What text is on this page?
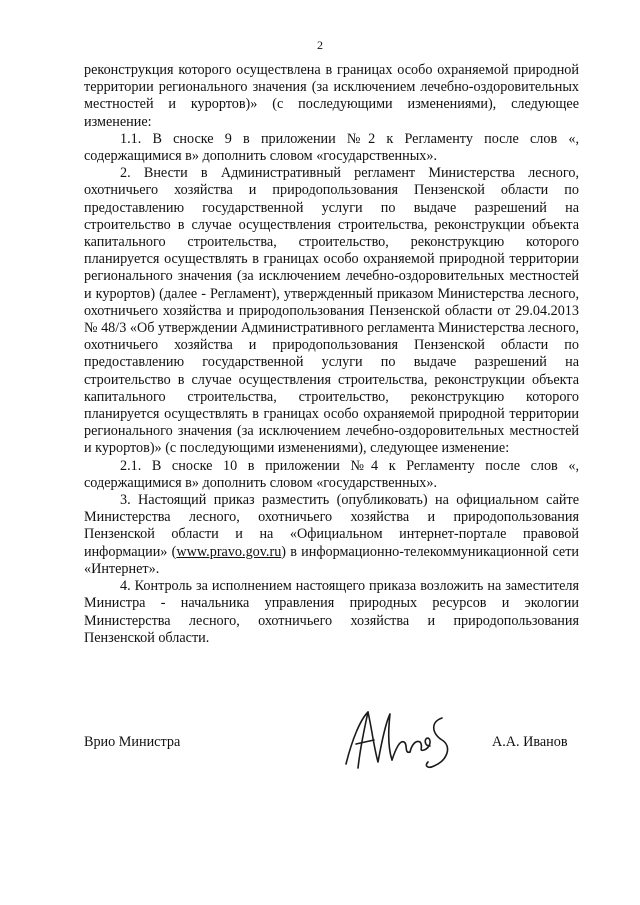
2

реконструкция которого осуществлена в границах особо охраняемой природной территории регионального значения (за исключением лечебно-оздоровительных местностей и курортов)» (с последующими изменениями), следующее изменение:

1.1. В сноске 9 в приложении №2 к Регламенту после слов «, содержащимися в» дополнить словом «государственных».

2. Внести в Административный регламент Министерства лесного, охотничьего хозяйства и природопользования Пензенской области по предоставлению государственной услуги по выдаче разрешений на строительство в случае осуществления строительства, реконструкции объекта капитального строительства, строительство, реконструкцию которого планируется осуществлять в границах особо охраняемой природной территории регионального значения (за исключением лечебно-оздоровительных местностей и курортов) (далее - Регламент), утвержденный приказом Министерства лесного, охотничьего хозяйства и природопользования Пензенской области от 29.04.2013 № 48/3 «Об утверждении Административного регламента Министерства лесного, охотничьего хозяйства и природопользования Пензенской области по предоставлению государственной услуги по выдаче разрешений на строительство в случае осуществления строительства, реконструкции объекта капитального строительства, строительство, реконструкцию которого планируется осуществлять в границах особо охраняемой природной территории регионального значения (за исключением лечебно-оздоровительных местностей и курортов)» (с последующими изменениями), следующее изменение:

2.1. В сноске 10 в приложении №4 к Регламенту после слов «, содержащимися в» дополнить словом «государственных».

3. Настоящий приказ разместить (опубликовать) на официальном сайте Министерства лесного, охотничьего хозяйства и природопользования Пензенской области и на «Официальном интернет-портале правовой информации» (www.pravo.gov.ru) в информационно-телекоммуникационной сети «Интернет».

4. Контроль за исполнением настоящего приказа возложить на заместителя Министра - начальника управления природных ресурсов и экологии Министерства лесного, охотничьего хозяйства и природопользования Пензенской области.

Врио Министра	А.А. Иванов
